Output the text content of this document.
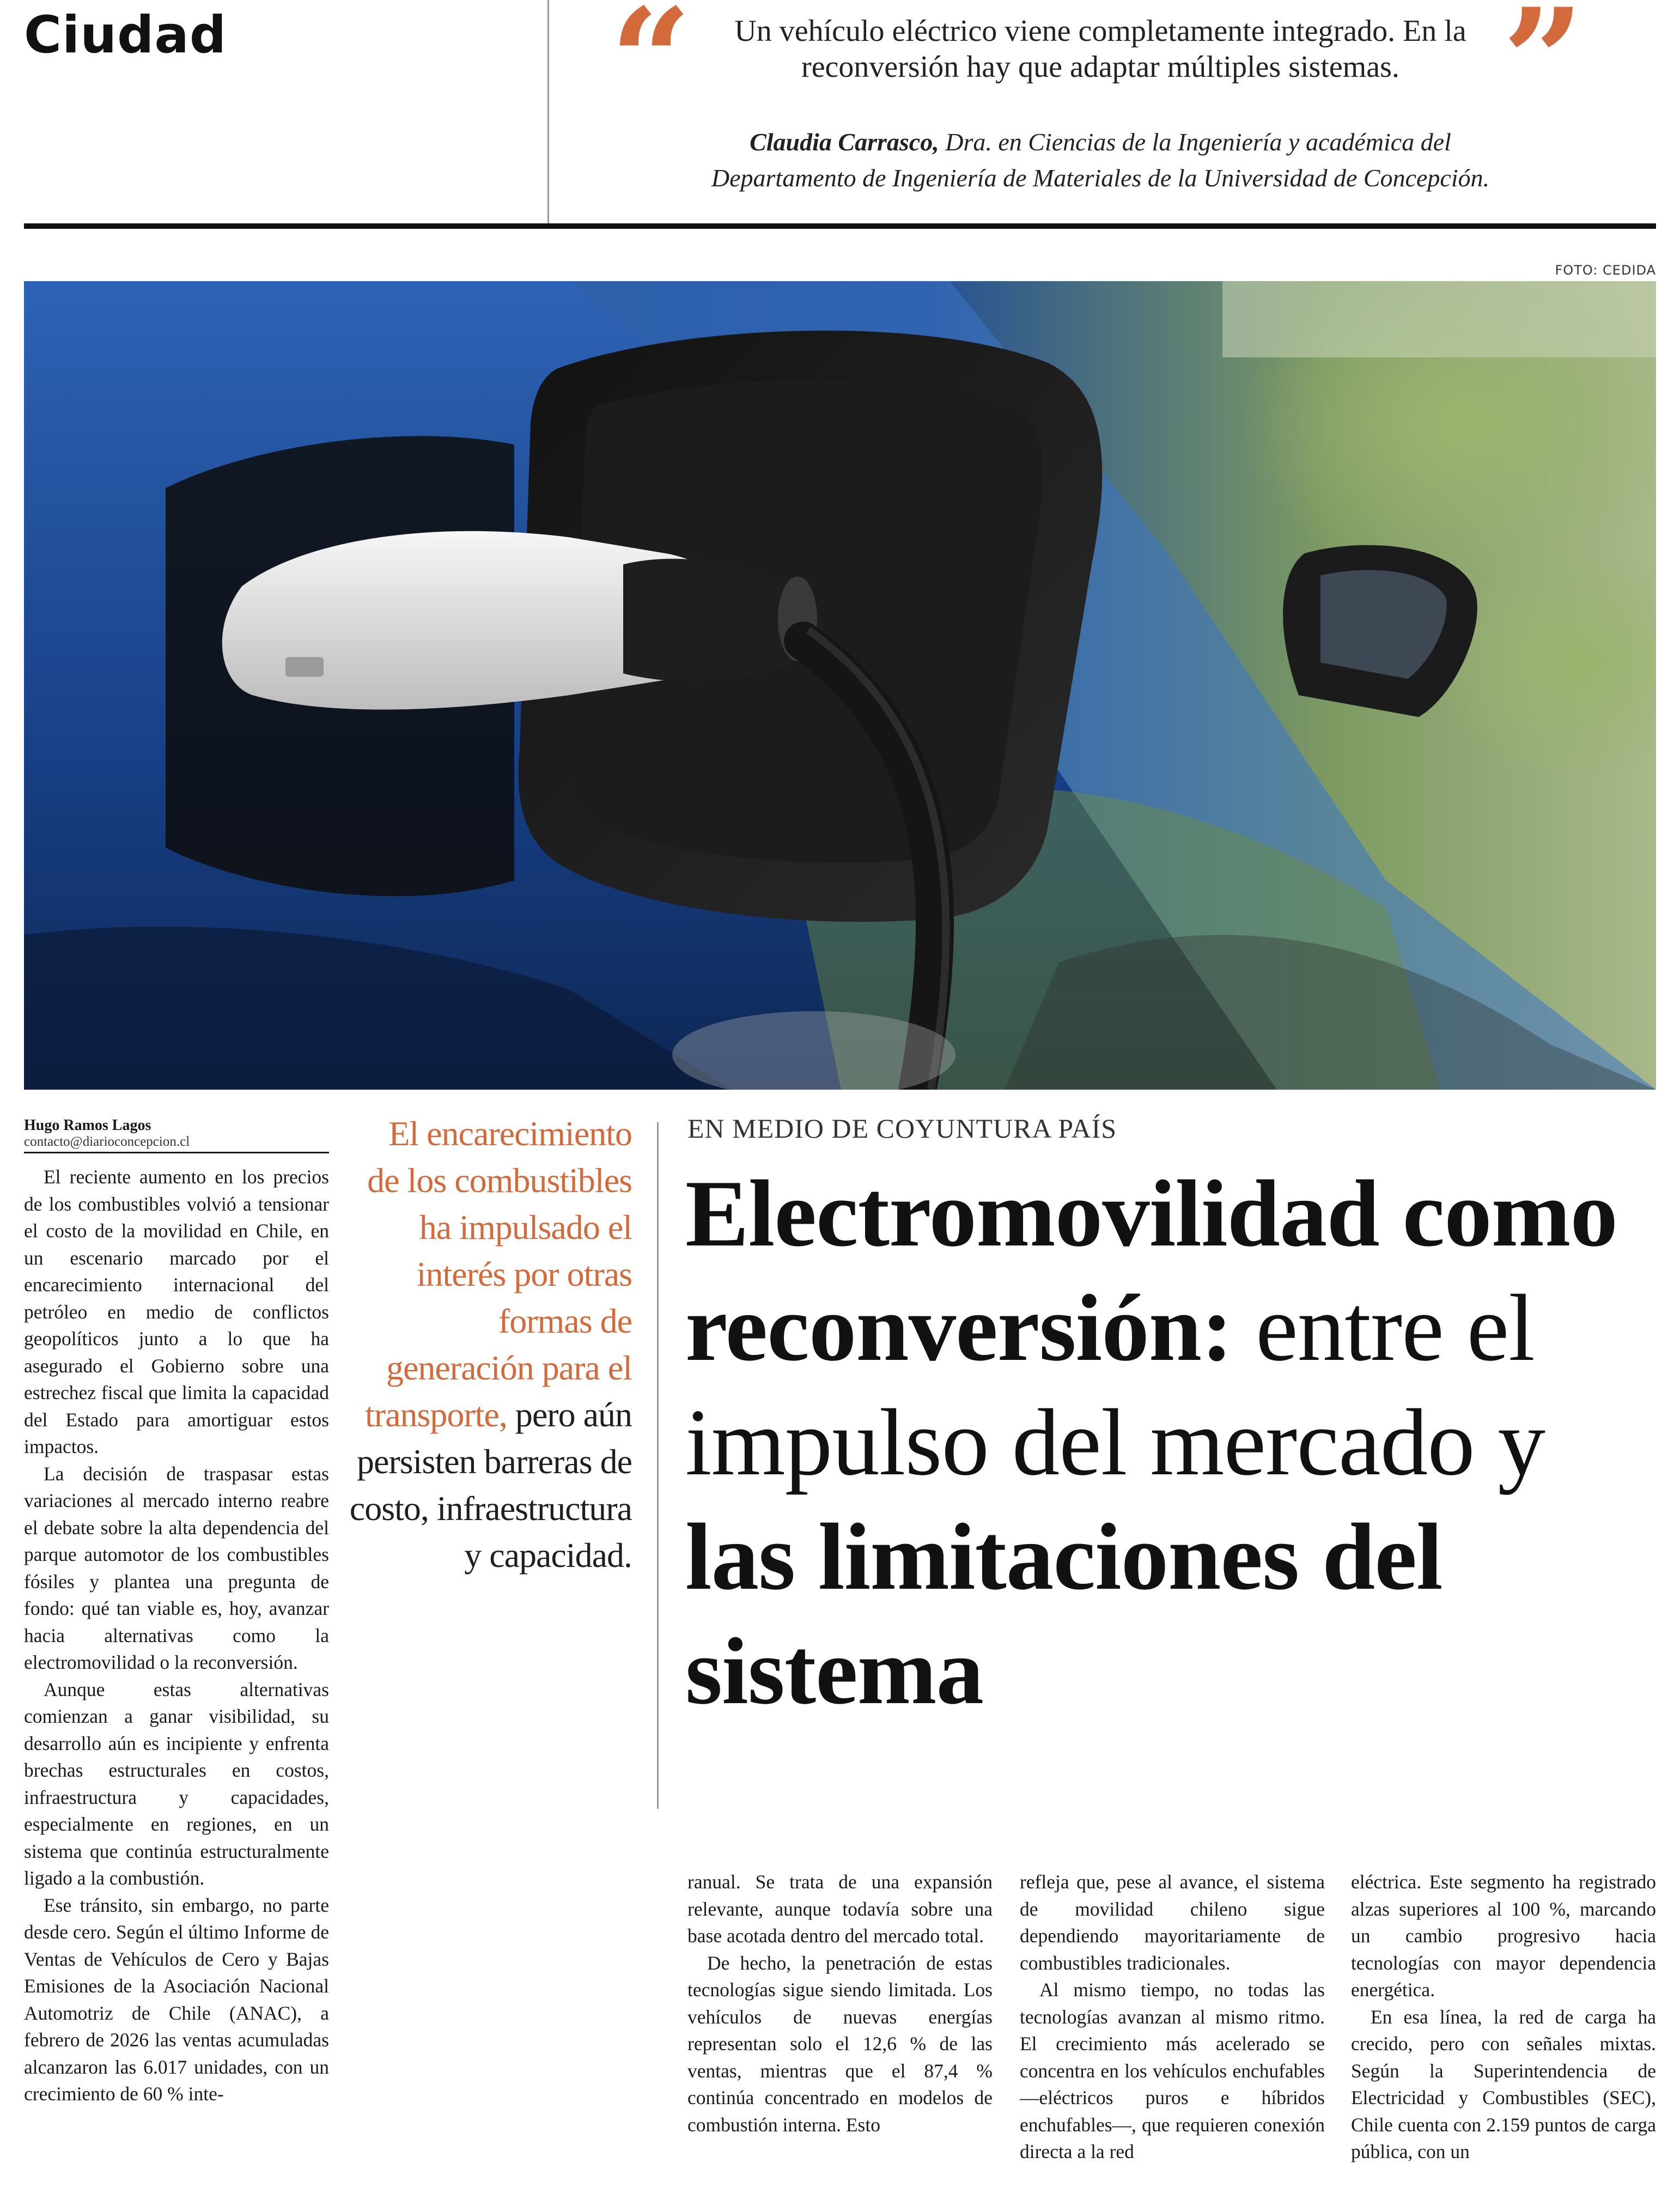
Ciudad	“	Un vehículo eléctrico viene completamente integrado. En la reconversión hay que adaptar múltiples sistemas. ”
Claudia Carrasco, Dra. en Ciencias de la Ingeniería y académica del Departamento de Ingeniería de Materiales de la Universidad de Concepción.
FOTO: CEDIDA
Hugo Ramos Lagos
contacto@diarioconcepcion.cl

El reciente aumento en los precios de los combustibles volvió a tensionar el costo de la movilidad en Chile, en un escenario marcado por el encarecimiento internacional del petróleo en medio de conflictos geopolíticos junto a lo que ha asegurado el Gobierno sobre una estrechez fiscal que limita la capacidad del Estado para amortiguar estos impactos.

La decisión de traspasar estas variaciones al mercado interno reabre el debate sobre la alta dependencia del parque automotor de los combustibles fósiles y plantea una pregunta de fondo: qué tan viable es, hoy, avanzar hacia alternativas como la electromovilidad o la reconversión.

Aunque estas alternativas comienzan a ganar visibilidad, su desarrollo aún es incipiente y enfrenta brechas estructurales en costos, infraestructura y capacidades, especialmente en regiones, en un sistema que continúa estructuralmente ligado a la combustión.

Ese tránsito, sin embargo, no parte desde cero. Según el último Informe de Ventas de Vehículos de Cero y Bajas Emisiones de la Asociación Nacional Automotriz de Chile (ANAC), a febrero de 2026 las ventas acumuladas alcanzaron las 6.017 unidades, con un crecimiento de 60 % inte-

El encarecimiento de los combustibles ha impulsado el interés por otras formas de generación para el transporte, pero aún persisten barreras de costo, infraestructura y capacidad.
EN MEDIO DE COYUNTURA PAÍS
Electromovilidad como reconversión: entre el impulso del mercado y las limitaciones del sistema

ranual. Se trata de una expansión relevante, aunque todavía sobre una base acotada dentro del mercado total.

De hecho, la penetración de estas tecnologías sigue siendo limitada. Los vehículos de nuevas energías representan solo el 12,6 % de las ventas, mientras que el 87,4 % continúa concentrado en modelos de combustión interna. Esto

refleja que, pese al avance, el sistema de movilidad chileno sigue dependiendo mayoritariamente de combustibles tradicionales.

Al mismo tiempo, no todas las tecnologías avanzan al mismo ritmo. El crecimiento más acelerado se concentra en los vehículos enchufables —eléctricos puros e híbridos enchufables—, que requieren conexión directa a la red

eléctrica. Este segmento ha registrado alzas superiores al 100 %, marcando un cambio progresivo hacia tecnologías con mayor dependencia energética.

En esa línea, la red de carga ha crecido, pero con señales mixtas. Según la Superintendencia de Electricidad y Combustibles (SEC), Chile cuenta con 2.159 puntos de carga pública, con un
